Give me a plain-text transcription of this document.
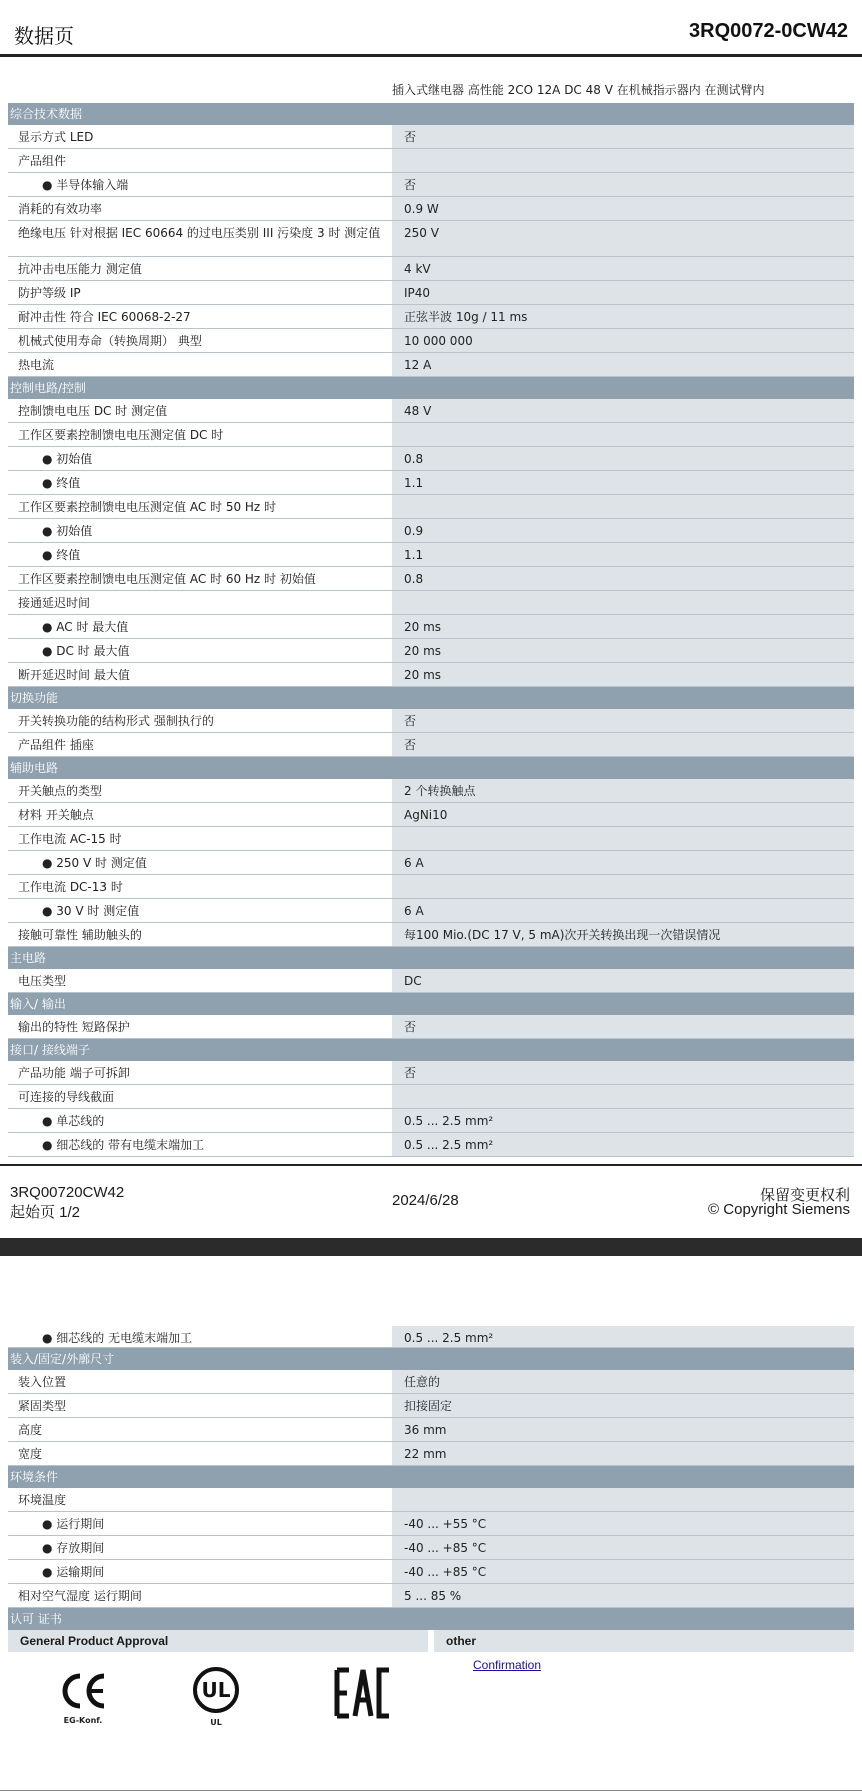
数据页	3RQ0072-0CW42
插入式继电器 高性能 2CO 12A DC 48 V 在机械指示器内 在测试臂内
综合技术数据
显示方式 LED	否
产品组件
● 半导体输入端	否
消耗的有效功率	0.9 W
绝缘电压 针对根据 IEC 60664 的过电压类别 III 污染度 3 时 测定值	250 V
抗冲击电压能力 测定值	4 kV
防护等级 IP	IP40
耐冲击性 符合 IEC 60068-2-27	正弦半波 10g / 11 ms
机械式使用寿命（转换周期） 典型	10 000 000
热电流	12 A
控制电路/控制
控制馈电电压 DC 时 测定值	48 V
工作区要素控制馈电电压测定值 DC 时
● 初始值	0.8
● 终值	1.1
工作区要素控制馈电电压测定值 AC 时 50 Hz 时
● 初始值	0.9
● 终值	1.1
工作区要素控制馈电电压测定值 AC 时 60 Hz 时 初始值	0.8
接通延迟时间
● AC 时 最大值	20 ms
● DC 时 最大值	20 ms
断开延迟时间 最大值	20 ms
切换功能
开关转换功能的结构形式 强制执行的	否
产品组件 插座	否
辅助电路
开关触点的类型	2 个转换触点
材料 开关触点	AgNi10
工作电流 AC-15 时
● 250 V 时 测定值	6 A
工作电流 DC-13 时
● 30 V 时 测定值	6 A
接触可靠性 辅助触头的	每100 Mio.(DC 17 V, 5 mA)次开关转换出现一次错误情况
主电路
电压类型	DC
输入/ 输出
输出的特性 短路保护	否
接口/ 接线端子
产品功能 端子可拆卸	否
可连接的导线截面
● 单芯线的	0.5 ... 2.5 mm²
● 细芯线的 带有电缆末端加工	0.5 ... 2.5 mm²
3RQ00720CW42
起始页 1/2
2024/6/28	保留变更权利
© Copyright Siemens
● 细芯线的 无电缆末端加工	0.5 ... 2.5 mm²
装入/固定/外廓尺寸
装入位置	任意的
紧固类型	扣接固定
高度	36 mm
宽度	22 mm
环境条件
环境温度
● 运行期间	-40 ... +55 °C
● 存放期间	-40 ... +85 °C
● 运输期间	-40 ... +85 °C
相对空气湿度 运行期间	5 ... 85 %
认可 证书
General Product Approval	other
EG-Konf.
UL
UL
Confirmation
